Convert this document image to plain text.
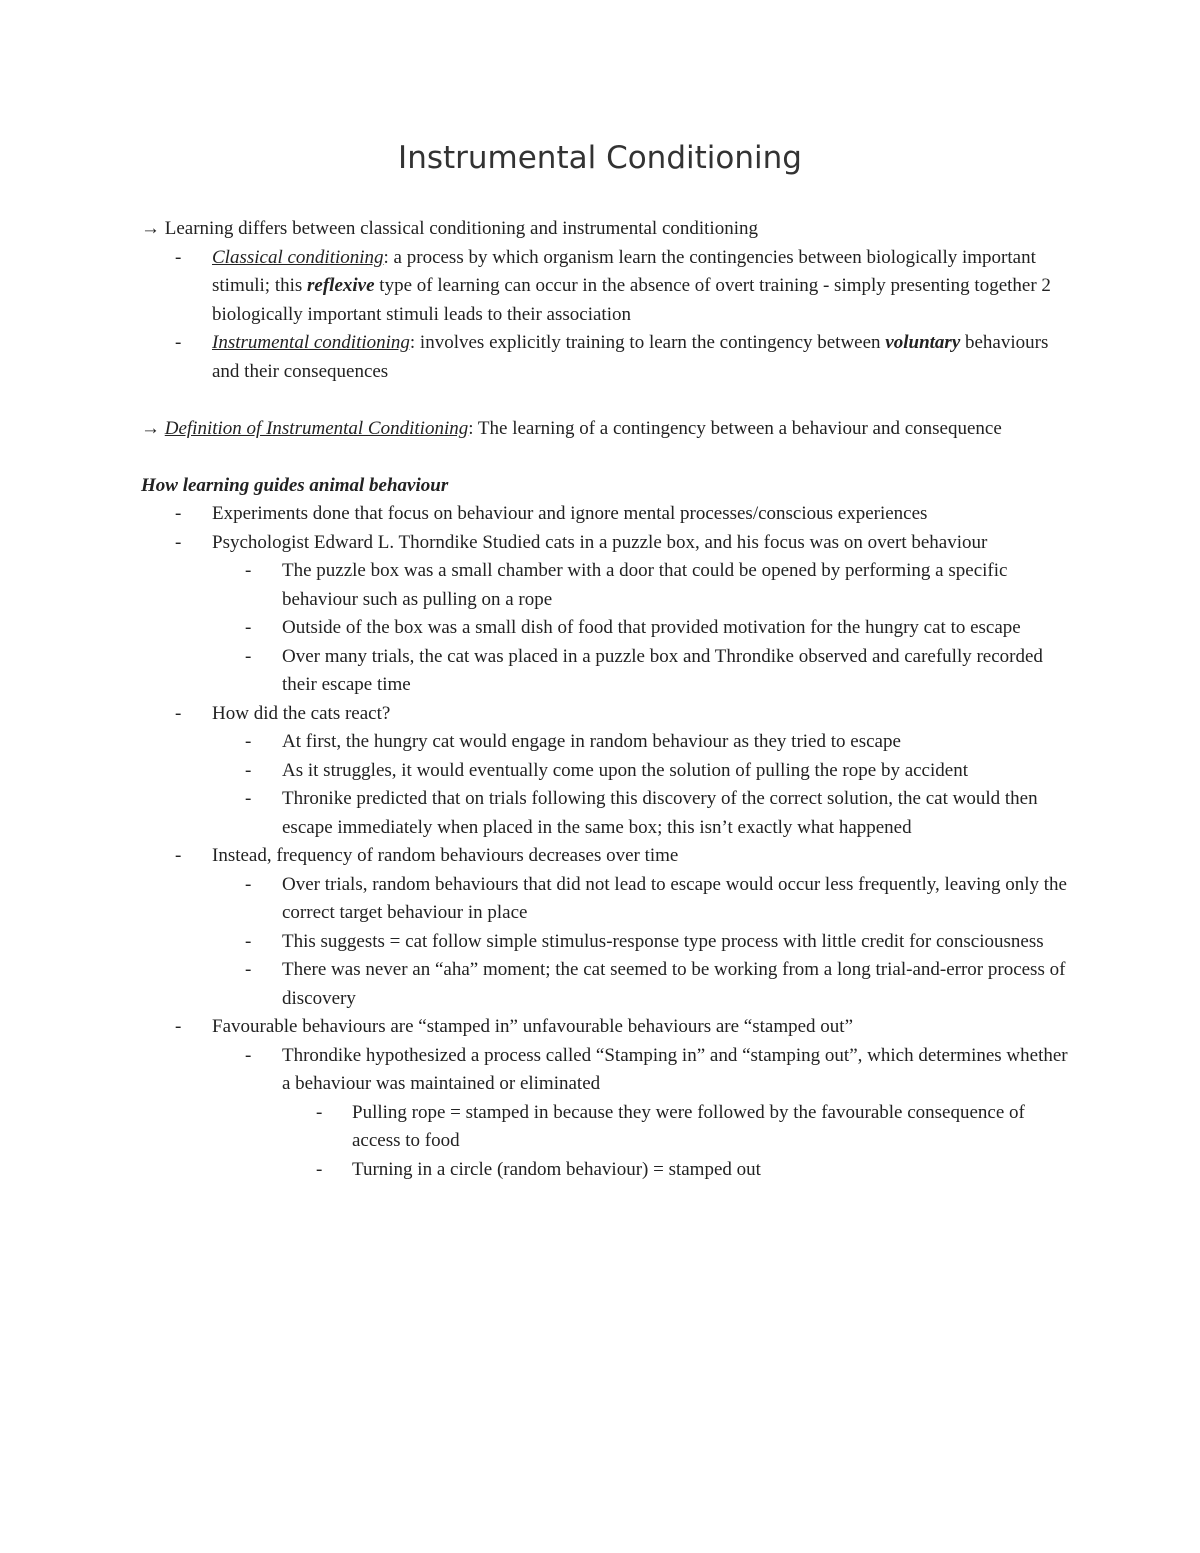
Instrumental Conditioning

→ Learning differs between classical conditioning and instrumental conditioning

- Classical conditioning: a process by which organism learn the contingencies between biologically important stimuli; this reflexive type of learning can occur in the absence of overt training - simply presenting together 2 biologically important stimuli leads to their association
- Instrumental conditioning: involves explicitly training to learn the contingency between voluntary behaviours and their consequences

→ Definition of Instrumental Conditioning: The learning of a contingency between a behaviour and consequence

How learning guides animal behaviour

- Experiments done that focus on behaviour and ignore mental processes/conscious experiences
- Psychologist Edward L. Thorndike Studied cats in a puzzle box, and his focus was on overt behaviour
- The puzzle box was a small chamber with a door that could be opened by performing a specific behaviour such as pulling on a rope
- Outside of the box was a small dish of food that provided motivation for the hungry cat to escape
- Over many trials, the cat was placed in a puzzle box and Throndike observed and carefully recorded their escape time
- How did the cats react?
- At first, the hungry cat would engage in random behaviour as they tried to escape
- As it struggles, it would eventually come upon the solution of pulling the rope by accident
- Thronike predicted that on trials following this discovery of the correct solution, the cat would then escape immediately when placed in the same box; this isn’t exactly what happened
- Instead, frequency of random behaviours decreases over time
- Over trials, random behaviours that did not lead to escape would occur less frequently, leaving only the correct target behaviour in place
- This suggests = cat follow simple stimulus-response type process with little credit for consciousness
- There was never an “aha” moment; the cat seemed to be working from a long trial-and-error process of discovery
- Favourable behaviours are “stamped in” unfavourable behaviours are “stamped out”
- Throndike hypothesized a process called “Stamping in” and “stamping out”, which determines whether a behaviour was maintained or eliminated
- Pulling rope = stamped in because they were followed by the favourable consequence of access to food
- Turning in a circle (random behaviour) = stamped out
